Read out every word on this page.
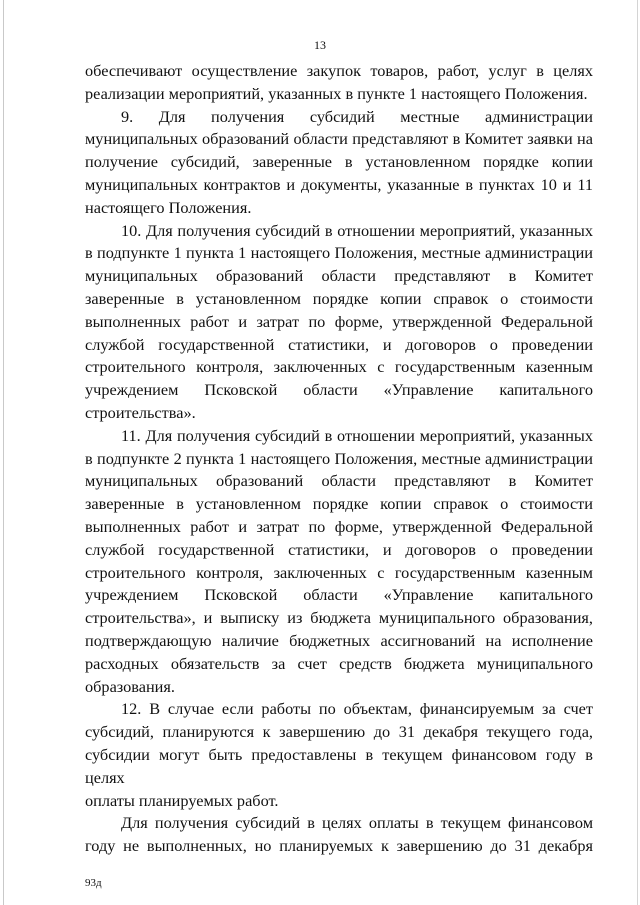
13
обеспечивают осуществление закупок товаров, работ, услуг в целях
реализации мероприятий, указанных в пункте 1 настоящего Положения.
9. Для получения субсидий местные администрации
муниципальных образований области представляют в Комитет заявки на
получение субсидий, заверенные в установленном порядке копии
муниципальных контрактов и документы, указанные в пунктах 10 и 11
настоящего Положения.
10. Для получения субсидий в отношении мероприятий, указанных
в подпункте 1 пункта 1 настоящего Положения, местные администрации
муниципальных образований области представляют в Комитет
заверенные в установленном порядке копии справок о стоимости
выполненных работ и затрат по форме, утвержденной Федеральной
службой государственной статистики, и договоров о проведении
строительного контроля, заключенных с государственным казенным
учреждением Псковской области «Управление капитального
строительства».
11. Для получения субсидий в отношении мероприятий, указанных
в подпункте 2 пункта 1 настоящего Положения, местные администрации
муниципальных образований области представляют в Комитет
заверенные в установленном порядке копии справок о стоимости
выполненных работ и затрат по форме, утвержденной Федеральной
службой государственной статистики, и договоров о проведении
строительного контроля, заключенных с государственным казенным
учреждением Псковской области «Управление капитального
строительства», и выписку из бюджета муниципального образования,
подтверждающую наличие бюджетных ассигнований на исполнение
расходных обязательств за счет средств бюджета муниципального
образования.
12. В случае если работы по объектам, финансируемым за счет
субсидий, планируются к завершению до 31 декабря текущего года,
субсидии могут быть предоставлены в текущем финансовом году в целях
оплаты планируемых работ.
Для получения субсидий в целях оплаты в текущем финансовом
году не выполненных, но планируемых к завершению до 31 декабря
93д
